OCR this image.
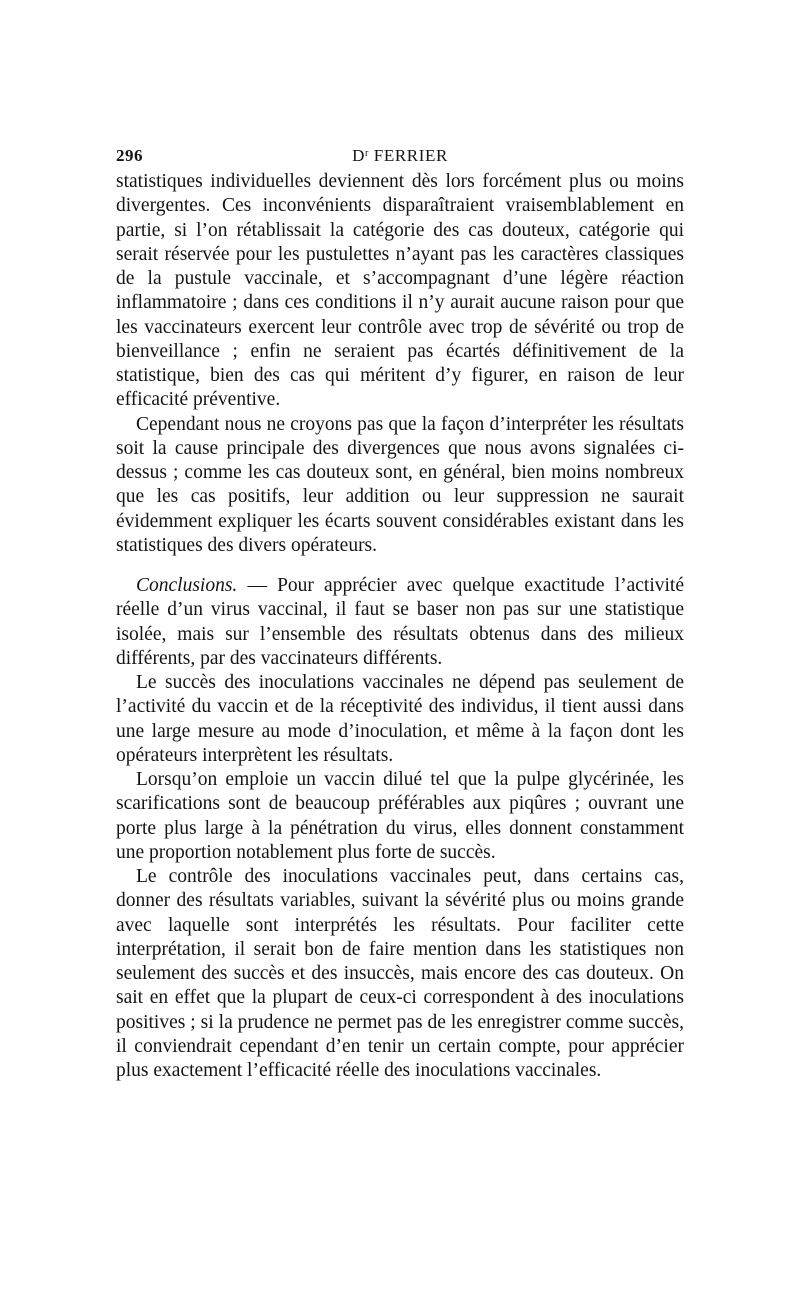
296	$D^r$ FERRIER

statistiques individuelles deviennent dès lors forcément plus ou moins divergentes. Ces inconvénients disparaîtraient vraisemblablement en partie, si l’on rétablissait la catégorie des cas douteux, catégorie qui serait réservée pour les pustulettes n’ayant pas les caractères classiques de la pustule vaccinale, et s’accompagnant d’une légère réaction inflammatoire ; dans ces conditions il n’y aurait aucune raison pour que les vaccinateurs exercent leur contrôle avec trop de sévérité ou trop de bienveillance ; enfin ne seraient pas écartés définitivement de la statistique, bien des cas qui méritent d’y figurer, en raison de leur efficacité préventive.

Cependant nous ne croyons pas que la façon d’interpréter les résultats soit la cause principale des divergences que nous avons signalées ci-dessus ; comme les cas douteux sont, en général, bien moins nombreux que les cas positifs, leur addition ou leur suppression ne saurait évidemment expliquer les écarts souvent considérables existant dans les statistiques des divers opérateurs.

Conclusions. — Pour apprécier avec quelque exactitude l’activité réelle d’un virus vaccinal, il faut se baser non pas sur une statistique isolée, mais sur l’ensemble des résultats obtenus dans des milieux différents, par des vaccinateurs différents.

Le succès des inoculations vaccinales ne dépend pas seulement de l’activité du vaccin et de la réceptivité des individus, il tient aussi dans une large mesure au mode d’inoculation, et même à la façon dont les opérateurs interprètent les résultats.

Lorsqu’on emploie un vaccin dilué tel que la pulpe glycérinée, les scarifications sont de beaucoup préférables aux piqûres ; ouvrant une porte plus large à la pénétration du virus, elles donnent constamment une proportion notablement plus forte de succès.

Le contrôle des inoculations vaccinales peut, dans certains cas, donner des résultats variables, suivant la sévérité plus ou moins grande avec laquelle sont interprétés les résultats. Pour faciliter cette interprétation, il serait bon de faire mention dans les statistiques non seulement des succès et des insuccès, mais encore des cas douteux. On sait en effet que la plupart de ceux-ci correspondent à des inoculations positives ; si la prudence ne permet pas de les enregistrer comme succès, il conviendrait cependant d’en tenir un certain compte, pour apprécier plus exactement l’efficacité réelle des inoculations vaccinales.
